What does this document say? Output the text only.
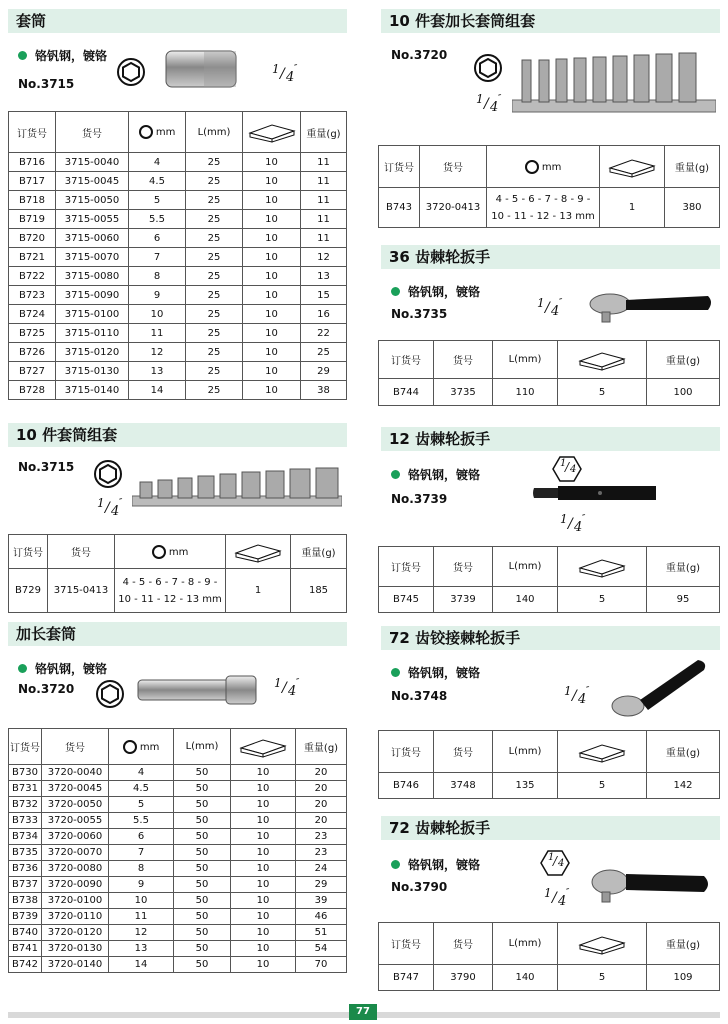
套筒
铬钒钢，镀铬
No.3715
1 / 4
″
订货号	货号	mm	L(mm)		重量(g)
B716	3715-0040	4	25	10	11
B717	3715-0045	4.5	25	10	11
B718	3715-0050	5	25	10	11
B719	3715-0055	5.5	25	10	11
B720	3715-0060	6	25	10	11
B721	3715-0070	7	25	10	12
B722	3715-0080	8	25	10	13
B723	3715-0090	9	25	10	15
B724	3715-0100	10	25	10	16
B725	3715-0110	11	25	10	22
B726	3715-0120	12	25	10	25
B727	3715-0130	13	25	10	29
B728	3715-0140	14	25	10	38
10 件套筒组套
No.3715
1 / 4
″
订货号	货号	mm		重量(g)
B729	3715-0413	4 - 5 - 6 - 7 - 8 - 9 -
10 - 11 - 12 - 13 mm	1	185
加长套筒
铬钒钢，镀铬
No.3720	1 / 4
″
订货号	货号	mm	L(mm)		重量(g)
B730	3720-0040	4	50	10	20
B731	3720-0045	4.5	50	10	20
B732	3720-0050	5	50	10	20
B733	3720-0055	5.5	50	10	20
B734	3720-0060	6	50	10	23
B735	3720-0070	7	50	10	23
B736	3720-0080	8	50	10	24
B737	3720-0090	9	50	10	29
B738	3720-0100	10	50	10	39
B739	3720-0110	11	50	10	46
B740	3720-0120	12	50	10	51
B741	3720-0130	13	50	10	54
B742	3720-0140	14	50	10	70
10 件套加长套筒组套
No.3720
1 / 4
″
订货号	货号	mm		重量(g)
B743	3720-0413	4 - 5 - 6 - 7 - 8 - 9 -
10 - 11 - 12 - 13 mm	1	380
36 齿棘轮扳手
铬钒钢，镀铬
No.3735
1 / 4
″
订货号	货号	L(mm)		重量(g)
B744	3735	110	5	100
12 齿棘轮扳手
铬钒钢，镀铬
No.3739
1
/ 4
1 / 4
″
订货号	货号	L(mm)		重量(g)
B745	3739	140	5	95
72 齿铰接棘轮扳手
铬钒钢，镀铬
No.3748	1 / 4
″
订货号	货号	L(mm)		重量(g)
B746	3748	135	5	142
72 齿棘轮扳手
铬钒钢，镀铬
No.3790
1
/ 4
1 / 4
″
订货号	货号	L(mm)		重量(g)
B747	3790	140	5	109
77
